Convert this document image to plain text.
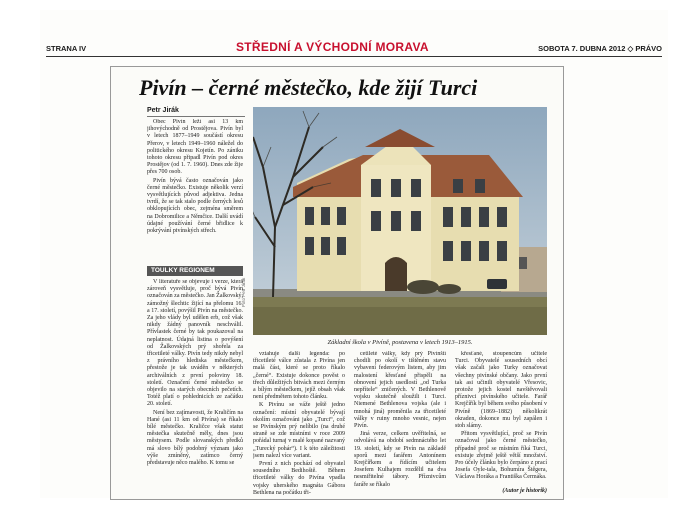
STRANA IV	STŘEDNÍ A VÝCHODNÍ MORAVA	SOBOTA 7. DUBNA 2012 ◇ PRÁVO
Pivín – černé městečko, kde žijí Turci
Petr Jirák

Obec Pivín leží asi 13 km jihovýchodně od Prostějova. Pivín byl v letech 1877–1949 součástí okresu Přerov, v letech 1949–1960 náležel do politického okresu Kojetín. Po zániku tohoto okresu připadl Pivín pod okres Prostějov (od 1. 7. 1960). Dnes zde žije přes 700 osob.

Pivín bývá často označován jako černé městečko. Existuje několik verzí vysvětlujících původ adjektiva. Jedna tvrdí, že se tak stalo podle černých lesů obklopujících obec, zejména směrem na Dobromilice a Němčice. Další uvádí údajné používání černé břidlice k pokrývání pivínských střech.

TOULKY REGIONEM

V literatuře se objevuje i verze, která zároveň vysvětluje, proč bývá Pivín označován za městečko. Jan Žalkovský, zámožný šlechtic žijící na přelomu 16. a 17. století, povýšil Pivín na městečko. Za jeho vlády byl udělen erb, což však nikdy žádný panovník neschválil. Přívlastek černé by tak poukazoval na neplatnost. Údajná listina o povýšení od Žalkovských prý shořela za třicetileté války. Pivín tedy nikdy nebyl z právního hlediska městečkem, přestože je tak uváděn v některých archiválních z první poloviny 18. století. Označení černé městečko se objevilo na starých obecních pečetích. Totéž platí o pohlednicích ze začátku 20. století.

Není bez zajímavosti, že Kraličím na Hané (asi 11 km od Pivína) se říkalo bílé městečko. Kraličce však statut městečka skutečně měly, dnes jsou městysem. Podle slovanských předků má slovo bílý podobný význam jako výše zmíněný, zatímco černý představuje něco malého. K tomu se

Foto Petr Jirák
Základní škola v Pivíně, postavena v letech 1913–1915.

vztahuje další legenda: po třicetileté válce zůstala z Pivína jen malá část, které se proto říkalo „černé“. Existuje dokonce pověst o třech důležitých bitvách mezi černým a bílým městečkem, jejíž obsah však není předmětem tohoto článku.

K Pivínu se váže ještě jedno označení: místní obyvatelé bývají okolím označováni jako „Turci“, což se Pivínským prý nelíbilo (na druhé straně se zde místními v roce 2009 pořádal turnaj v malé kopané nazvaný „Turecký pohár“). I k této záležitosti jsem nalezl více variant.

První z nich pochází od obyvatel sousedního Bedihoště. Během třicetileté války do Pivína vpadla vojsky uherského magnáta Gábora Bethlena na počátku tři-

cetileté války, kdy prý Pivínští chodili po okolí v tištěném stavu vybavení federovým listem, aby jim malostení křesťané přispěli na obnovení jejich usedlostí „od Turka nepřítele“ zničených. V Bethlenově vojsku skutečně sloužili i Turci. Niemené Bethlenova vojska (ale i mnohá jiná) proměnila za třicetileté války v ruiny mnoho vesnic, nejen Pivín.

Jiná verze, celkem uvěřitelná, se odvolává na období sedmnáctého let 19. století, kdy se Pivín na základě sporů mezi farářem Antonínem Krejčířkem a řídícím učitelem Josefem Kulhajem rozdělil na dva nesmiřitelné tábory. Příznivcům faráře se říkalo

křesťané, stoupencům učitele Turci. Obyvatelé sousedních obcí však začali jako Turky označovat všechny pivínské občany. Jako první tak asi učinili obyvatelé Vřesovic, protože jejich kostel navštěvovali příznivci pivínského učitele. Farář Krejčířík byl během svého působení v Pivíně (1869–1882) několikrát okraden, dokonce mu byl zapálen i stoh slámy.

Přitom vysvětlující, proč se Pivín označoval jako černé městečko, případně proč se místním říká Turci, existuje zřejmě ještě větší množství. Pro účely článku bylo čerpáno z prací Josefa Oyle-tala, Bohumíra Štěgera, Václava Horáka a Františka Čermáka.

(Autor je historik)
